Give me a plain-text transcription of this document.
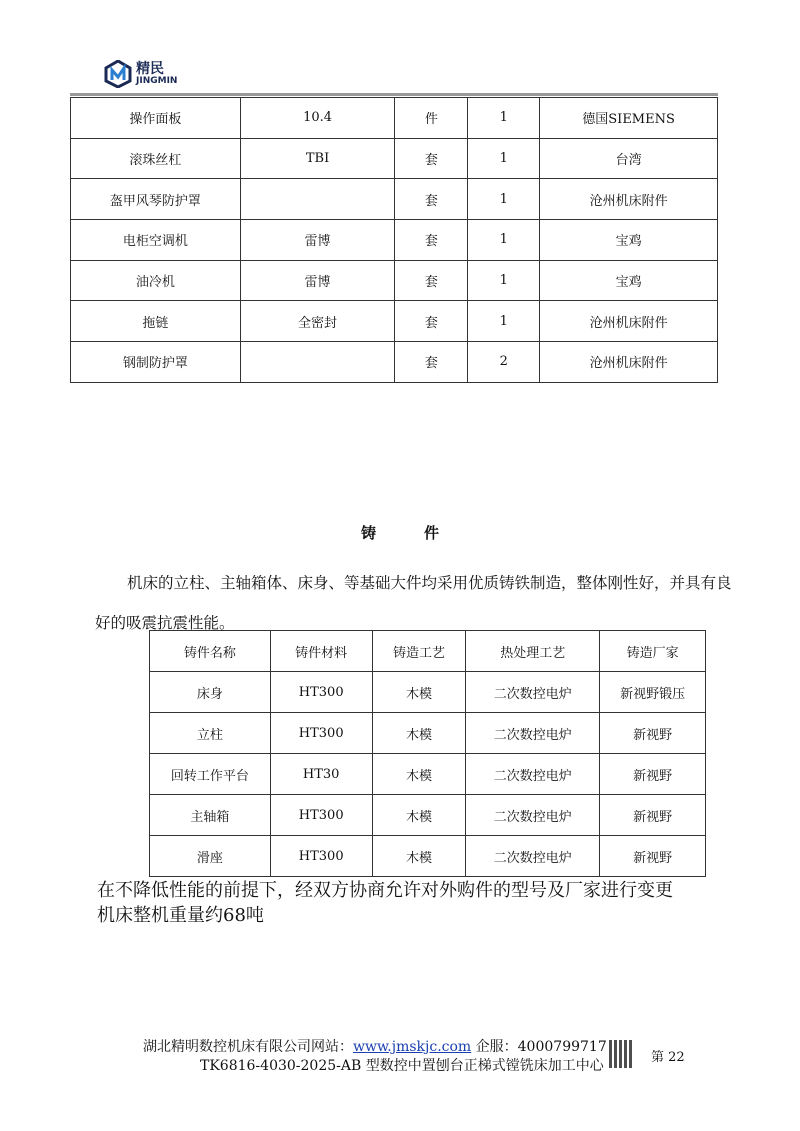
精民
JINGMIN
操作面板	10.4	件	1	德国SIEMENS
滚珠丝杠	TBI	套	1	台湾
盔甲风琴防护罩		套	1	沧州机床附件
电柜空调机	雷博	套	1	宝鸡
油冷机	雷博	套	1	宝鸡
拖链	全密封	套	1	沧州机床附件
钢制防护罩		套	2	沧州机床附件
铸件
机床的立柱、主轴箱体、床身、等基础大件均采用优质铸铁制造，整体刚性好，并具有良好的吸震抗震性能。
铸件名称	铸件材料	铸造工艺	热处理工艺	铸造厂家
床身	HT300	木模	二次数控电炉	新视野锻压
立柱	HT300	木模	二次数控电炉	新视野
回转工作平台	HT30	木模	二次数控电炉	新视野
主轴箱	HT300	木模	二次数控电炉	新视野
滑座	HT300	木模	二次数控电炉	新视野
在不降低性能的前提下，经双方协商允许对外购件的型号及厂家进行变更
机床整机重量约68吨
湖北精明数控机床有限公司网站：www.jmskjc.com 企服：4000799717
TK6816-4030-2025-AB 型数控中置刨台正梯式镗铣床加工中心
第 22
